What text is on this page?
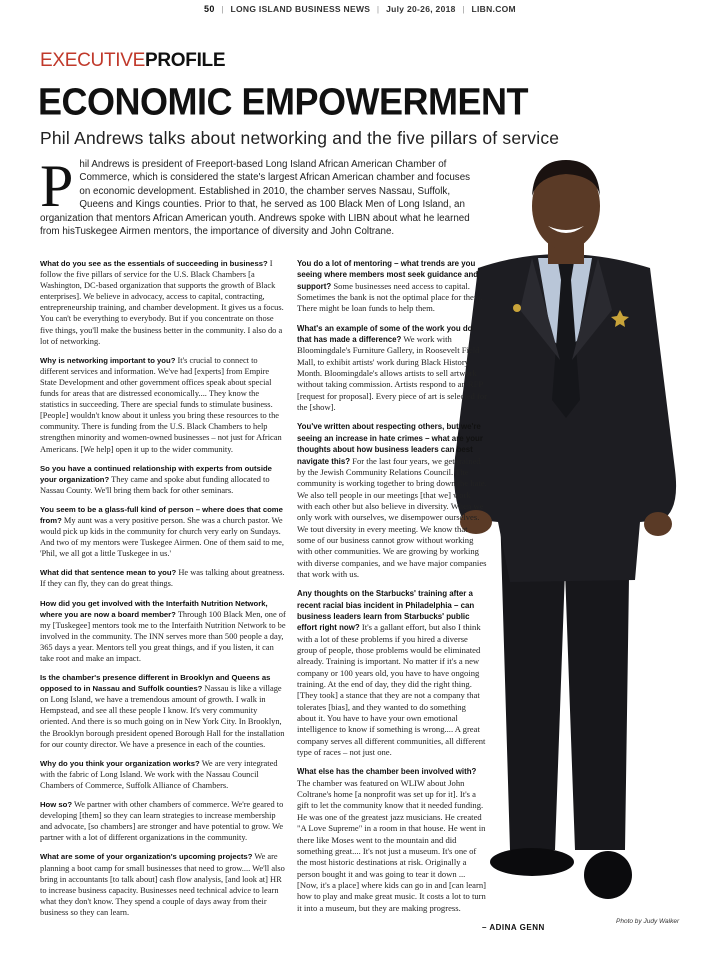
50 | LONG ISLAND BUSINESS NEWS | July 20-26, 2018 | LIBN.COM
EXECUTIVEPROFILE
ECONOMIC EMPOWERMENT
Phil Andrews talks about networking and the five pillars of service
P hil Andrews is president of Freeport-based Long Island African American Chamber of Commerce, which is considered the state's largest African American chamber and focuses on economic development. Established in 2010, the chamber serves Nassau, Suffolk, Queens and Kings counties. Prior to that, he served as 100 Black Men of Long Island, an organization that mentors African American youth. Andrews spoke with LIBN about what he learned from hisTuskegee Airmen mentors, the importance of diversity and John Coltrane.

What do you see as the essentials of succeeding in business? I follow the five pillars of service for the U.S. Black Chambers [a Washington, DC-based organization that supports the growth of Black enterprises]. We believe in advocacy, access to capital, contracting, entrepreneurship training, and chamber development. It gives us a focus. You can't be everything to everybody. But if you concentrate on those five things, you'll make the business better in the community. I also do a lot of networking.

Why is networking important to you? It's crucial to connect to different services and information. We've had [experts] from Empire State Development and other government offices speak about special funds for areas that are distressed economically.... They know the statistics in succeeding. There are special funds to stimulate business. [People] wouldn't know about it unless you bring these resources to the community. There is funding from the U.S. Black Chambers to help strengthen minority and women-owned businesses – not just for African Americans. [We help] open it up to the wider community.

So you have a continued relationship with experts from outside your organization? They came and spoke abut funding allocated to Nassau County. We'll bring them back for other seminars.

You seem to be a glass-full kind of person – where does that come from? My aunt was a very positive person. She was a church pastor. We would pick up kids in the community for church very early on Sundays. And two of my mentors were Tuskegee Airmen. One of them said to me, 'Phil, we all got a little Tuskegee in us.'

What did that sentence mean to you? He was talking about greatness. If they can fly, they can do great things.

How did you get involved with the Interfaith Nutrition Network, where you are now a board member? Through 100 Black Men, one of my [Tuskegee] mentors took me to the Interfaith Nutrition Network to be involved in the community. The INN serves more than 500 people a day, 365 days a year. Mentors tell you great things, and if you listen, it can take root and make an impact.

Is the chamber's presence different in Brooklyn and Queens as opposed to in Nassau and Suffolk counties? Nassau is like a village on Long Island, we have a tremendous amount of growth. I walk in Hempstead, and see all these people I know. It's very community oriented. And there is so much going on in New York City. In Brooklyn, the Brooklyn borough president opened Borough Hall for the installation for our county director. We have a presence in each of the counties.

Why do you think your organization works? We are very integrated with the fabric of Long Island. We work with the Nassau Council Chambers of Commerce, Suffolk Alliance of Chambers.

How so? We partner with other chambers of commerce. We're geared to developing [them] so they can learn strategies to increase membership and advocate, [so chambers] are stronger and have potential to grow. We partner with a lot of different organizations in the community.

What are some of your organization's upcoming projects? We are planning a boot camp for small businesses that need to grow.... We'll also bring in accountants [to talk about] cash flow analysis, [and look at] HR to increase business capacity. Businesses need technical advice to learn what they don't know. They spend a couple of days away from their business so they can learn.

You do a lot of mentoring – what trends are you seeing where members most seek guidance and support? Some businesses need access to capital. Sometimes the bank is not the optimal place for them. There might be loan funds to help them.

What's an example of some of the work you do that has made a difference? We work with Bloomingdale's Furniture Gallery, in Roosevelt Field Mall, to exhibit artists' work during Black History Month. Bloomingdale's allows artists to sell artwork without taking commission. Artists respond to an RFP [request for proposal]. Every piece of art is selected for the [show].

You've written about respecting others, but we're seeing an increase in hate crimes – what are your thoughts about how business leaders can best navigate this? For the last four years, we get trained by the Jewish Community Relations Council. The community is working together to bring down the hate. We also tell people in our meetings [that we] work with each other but also believe in diversity. When we only work with ourselves, we disempower ourselves. We tout diversity in every meeting. We know that some of our business cannot grow without working with other communities. We are growing by working with diverse companies, and we have major companies that work with us.

Any thoughts on the Starbucks' training after a recent racial bias incident in Philadelphia – can business leaders learn from Starbucks' public effort right now? It's a gallant effort, but also I think with a lot of these problems if you hired a diverse group of people, those problems would be eliminated already. Training is important. No matter if it's a new company or 100 years old, you have to have ongoing training. At the end of day, they did the right thing. [They took] a stance that they are not a company that tolerates [bias], and they wanted to do something about it. You have to have your own emotional intelligence to know if something is wrong.... A great company serves all different communities, all different type of races – not just one.

What else has the chamber been involved with? The chamber was featured on WLIW about John Coltrane's home [a nonprofit was set up for it]. It's a gift to let the community know that it needed funding. He was one of the greatest jazz musicians. He created "A Love Supreme" in a room in that house. He went in there like Moses went to the mountain and did something great.... It's not just a museum. It's one of the most historic destinations at risk. Originally a person bought it and was going to tear it down ... [Now, it's a place] where kids can go in and [can learn] how to play and make great music. It costs a lot to turn it into a museum, but they are making progress.

Photo by Judy Walker
– ADINA GENN
